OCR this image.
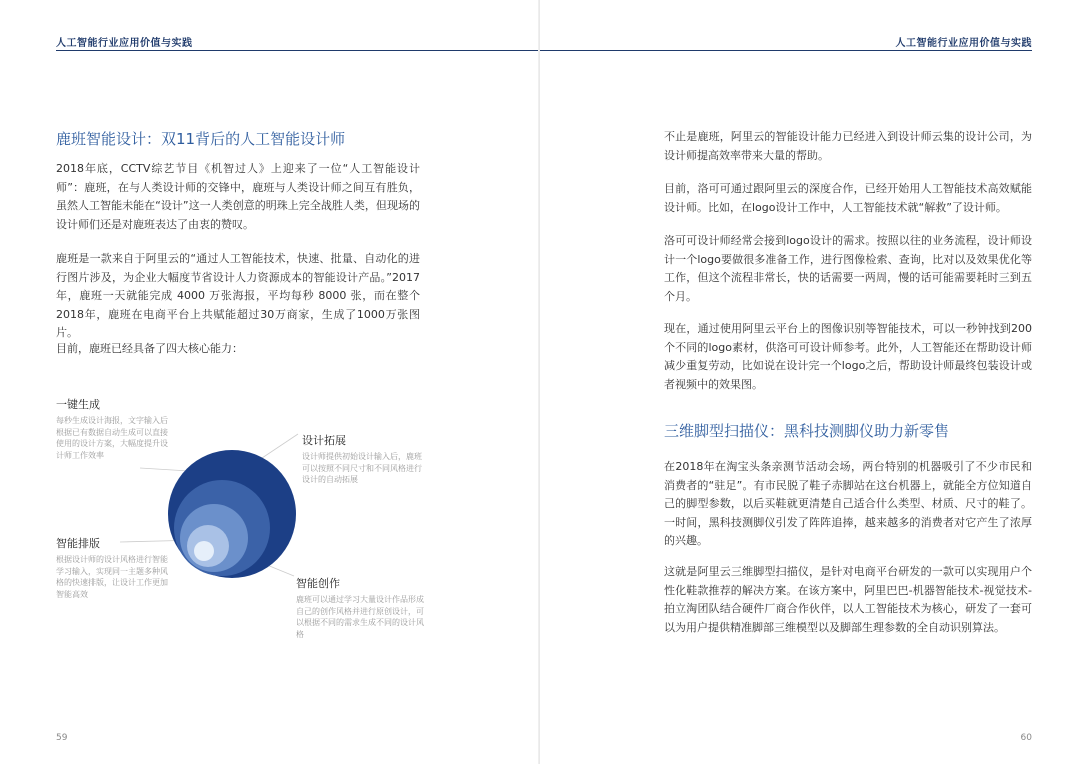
人工智能行业应用价值与实践
鹿班智能设计：双11背后的人工智能设计师

2018年底，CCTV综艺节目《机智过人》上迎来了一位“人工智能设计师”：鹿班，在与人类设计师的交锋中，鹿班与人类设计师之间互有胜负，虽然人工智能未能在“设计”这一人类创意的明珠上完全战胜人类，但现场的设计师们还是对鹿班表达了由衷的赞叹。

鹿班是一款来自于阿里云的“通过人工智能技术，快速、批量、自动化的进行图片涉及，为企业大幅度节省设计人力资源成本的智能设计产品。”2017年，鹿班一天就能完成 4000 万张海报，平均每秒 8000 张，而在整个2018年，鹿班在电商平台上共赋能超过30万商家，生成了1000万张图片。

目前，鹿班已经具备了四大核心能力：

一键生成

每秒生成设计海报，文字输入后根据已有数据自动生成可以直接使用的设计方案，大幅度提升设计师工作效率

设计拓展

设计师提供初始设计输入后，鹿班可以按照不同尺寸和不同风格进行设计的自动拓展

智能排版

根据设计师的设计风格进行智能学习输入，实现同一主题多种风格的快速排版，让设计工作更加智能高效

智能创作

鹿班可以通过学习大量设计作品形成自己的创作风格并进行原创设计，可以根据不同的需求生成不同的设计风格

59
人工智能行业应用价值与实践

不止是鹿班，阿里云的智能设计能力已经进入到设计师云集的设计公司，为设计师提高效率带来大量的帮助。

目前，洛可可通过跟阿里云的深度合作，已经开始用人工智能技术高效赋能设计师。比如，在logo设计工作中，人工智能技术就“解救”了设计师。

洛可可设计师经常会接到logo设计的需求。按照以往的业务流程，设计师设计一个logo要做很多准备工作，进行图像检索、查询，比对以及效果优化等工作，但这个流程非常长，快的话需要一两周，慢的话可能需要耗时三到五个月。

现在，通过使用阿里云平台上的图像识别等智能技术，可以一秒钟找到200个不同的logo素材，供洛可可设计师参考。此外，人工智能还在帮助设计师减少重复劳动，比如说在设计完一个logo之后，帮助设计师最终包装设计或者视频中的效果图。

三维脚型扫描仪：黑科技测脚仪助力新零售

在2018年在淘宝头条亲测节活动会场，两台特别的机器吸引了不少市民和消费者的“驻足”。有市民脱了鞋子赤脚站在这台机器上，就能全方位知道自己的脚型参数，以后买鞋就更清楚自己适合什么类型、材质、尺寸的鞋了。一时间，黑科技测脚仪引发了阵阵追捧，越来越多的消费者对它产生了浓厚的兴趣。

这就是阿里云三维脚型扫描仪，是针对电商平台研发的一款可以实现用户个性化鞋款推荐的解决方案。在该方案中，阿里巴巴-机器智能技术-视觉技术-拍立淘团队结合硬件厂商合作伙伴，以人工智能技术为核心，研发了一套可以为用户提供精准脚部三维模型以及脚部生理参数的全自动识别算法。

60
